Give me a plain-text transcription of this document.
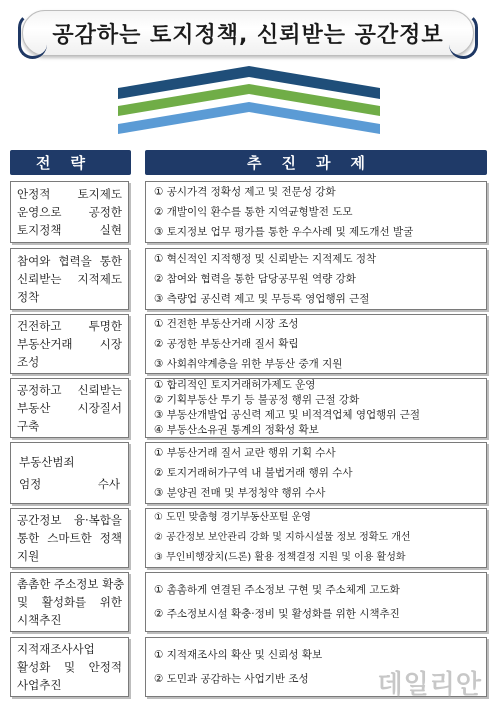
공감하는 토지정책, 신뢰받는 공간정보
전략	추진과제
안정적 토지제도
운영으로 공정한
토지정책 실현
① 공시가격 정확성 제고 및 전문성 강화
② 개발이익 환수를 통한 지역균형발전 도모
③ 토지정보 업무 평가를 통한 우수사례 및 제도개선 발굴
참여와 협력을 통한
신뢰받는 지적제도
정착
① 혁신적인 지적행정 및 신뢰받는 지적제도 정착
② 참여와 협력을 통한 담당공무원 역량 강화
③ 측량업 공신력 제고 및 무등록 영업행위 근절
건전하고 투명한
부동산거래 시장
조성
① 건전한 부동산거래 시장 조성
② 공정한 부동산거래 질서 확립
③ 사회취약계층을 위한 부동산 중개 지원
공정하고 신뢰받는
부동산 시장질서
구축
① 합리적인 토지거래허가제도 운영
② 기획부동산 투기 등 불공정 행위 근절 강화
③ 부동산개발업 공신력 제고 및 비적격업체 영업행위 근절
④ 부동산소유권 통계의 정확성 확보
부동산범죄
엄정 수사
① 부동산거래 질서 교란 행위 기획 수사
② 토지거래허가구역 내 불법거래 행위 수사
③ 분양권 전매 및 부정청약 행위 수사
공간정보 융·복합을
통한 스마트한 정책
지원
① 도민 맞춤형 경기부동산포털 운영
② 공간정보 보안관리 강화 및 지하시설물 정보 정확도 개선
③ 무인비행장치(드론) 활용 정책결정 지원 및 이용 활성화
촘촘한 주소정보 확충
및 활성화를 위한
시책추진
① 촘촘하게 연결된 주소정보 구현 및 주소체계 고도화
② 주소정보시설 확충·정비 및 활성화를 위한 시책추진
지적재조사사업
활성화 및 안정적
사업추진
① 지적재조사의 확산 및 신뢰성 확보
② 도민과 공감하는 사업기반 조성	데일리안
